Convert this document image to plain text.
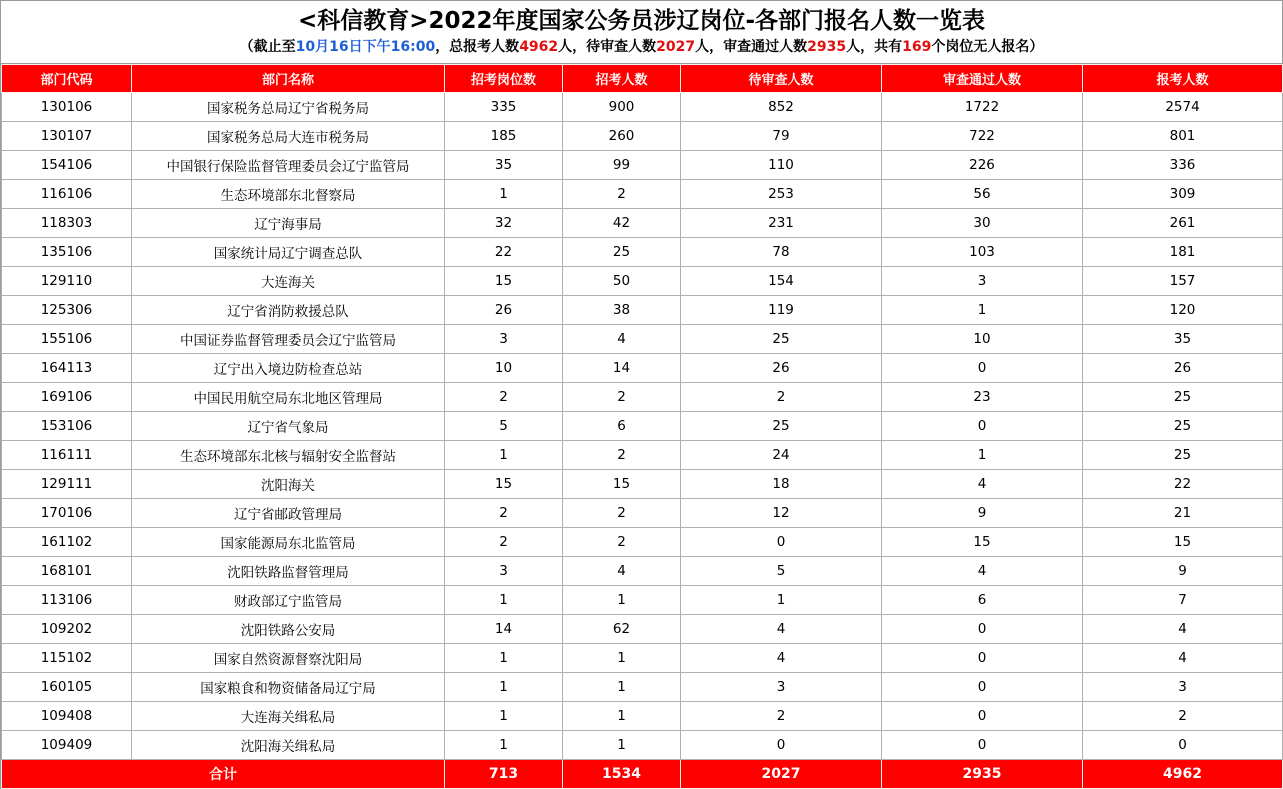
<科信教育>2022年度国家公务员涉辽岗位-各部门报名人数一览表
（截止至10月16日下午16:00，总报考人数4962人，待审查人数2027人，审查通过人数2935人，共有169个岗位无人报名）
部门代码	部门名称	招考岗位数	招考人数	待审查人数	审查通过人数	报考人数
130106	国家税务总局辽宁省税务局	335	900	852	1722	2574
130107	国家税务总局大连市税务局	185	260	79	722	801
154106	中国银行保险监督管理委员会辽宁监管局	35	99	110	226	336
116106	生态环境部东北督察局	1	2	253	56	309
118303	辽宁海事局	32	42	231	30	261
135106	国家统计局辽宁调查总队	22	25	78	103	181
129110	大连海关	15	50	154	3	157
125306	辽宁省消防救援总队	26	38	119	1	120
155106	中国证券监督管理委员会辽宁监管局	3	4	25	10	35
164113	辽宁出入境边防检查总站	10	14	26	0	26
169106	中国民用航空局东北地区管理局	2	2	2	23	25
153106	辽宁省气象局	5	6	25	0	25
116111	生态环境部东北核与辐射安全监督站	1	2	24	1	25
129111	沈阳海关	15	15	18	4	22
170106	辽宁省邮政管理局	2	2	12	9	21
161102	国家能源局东北监管局	2	2	0	15	15
168101	沈阳铁路监督管理局	3	4	5	4	9
113106	财政部辽宁监管局	1	1	1	6	7
109202	沈阳铁路公安局	14	62	4	0	4
115102	国家自然资源督察沈阳局	1	1	4	0	4
160105	国家粮食和物资储备局辽宁局	1	1	3	0	3
109408	大连海关缉私局	1	1	2	0	2
109409	沈阳海关缉私局	1	1	0	0	0
合计		713	1534	2027	2935	4962
